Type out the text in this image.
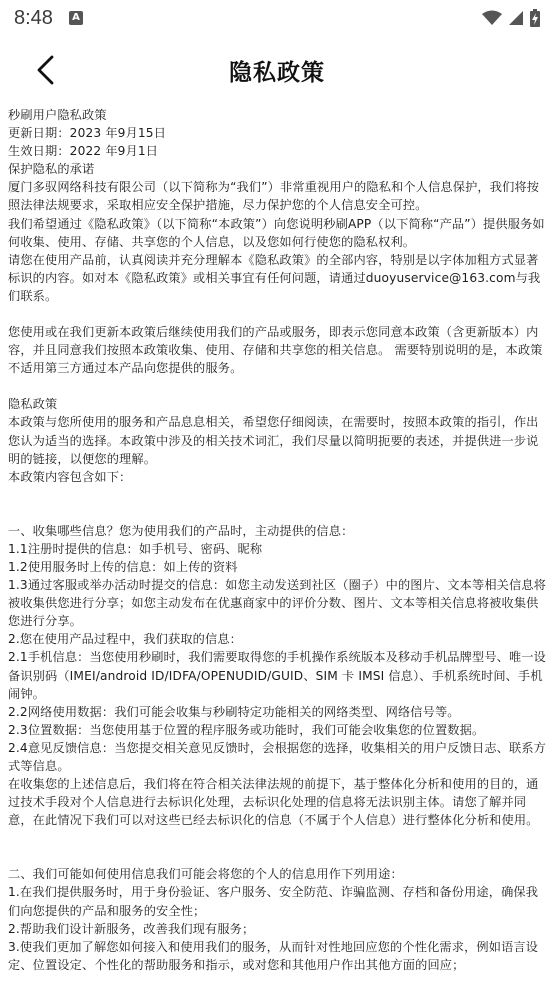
8:48	A
隐私政策

秒刷用户隐私政策

更新日期：2023 年9月15日

生效日期：2022 年9月1日

保护隐私的承诺

厦门多驭网络科技有限公司（以下简称为“我们”）非常重视用户的隐私和个人信息保护，我们将按照法律法规要求，采取相应安全保护措施，尽力保护您的个人信息安全可控。

我们希望通过《隐私政策》（以下简称“本政策”）向您说明秒刷APP（以下简称“产品”）提供服务如何收集、使用、存储、共享您的个人信息，以及您如何行使您的隐私权利。

请您在使用产品前，认真阅读并充分理解本《隐私政策》的全部内容，特别是以字体加粗方式显著标识的内容。如对本《隐私政策》或相关事宜有任何问题，请通过duoyuservice@163.com与我们联系。

您使用或在我们更新本政策后继续使用我们的产品或服务，即表示您同意本政策（含更新版本）内容，并且同意我们按照本政策收集、使用、存储和共享您的相关信息。 需要特别说明的是，本政策不适用第三方通过本产品向您提供的服务。

隐私政策

本政策与您所使用的服务和产品息息相关，希望您仔细阅读，在需要时，按照本政策的指引，作出您认为适当的选择。本政策中涉及的相关技术词汇，我们尽量以简明扼要的表述，并提供进一步说明的链接，以便您的理解。

本政策内容包含如下：

一、收集哪些信息？您为使用我们的产品时，主动提供的信息：

1.1注册时提供的信息：如手机号、密码、昵称

1.2使用服务时上传的信息：如上传的资料

1.3通过客服或举办活动时提交的信息：如您主动发送到社区（圈子）中的图片、文本等相关信息将被收集供您进行分享；如您主动发布在优惠商家中的评价分数、图片、文本等相关信息将被收集供您进行分享。

2.您在使用产品过程中，我们获取的信息：

2.1手机信息：当您使用秒刷时，我们需要取得您的手机操作系统版本及移动手机品牌型号、唯一设备识别码（IMEI/android ID/IDFA/OPENUDID/GUID、SIM 卡 IMSI 信息）、手机系统时间、手机闹钟。

2.2网络使用数据：我们可能会收集与秒刷特定功能相关的网络类型、网络信号等。

2.3位置数据：当您使用基于位置的程序服务或功能时，我们可能会收集您的位置数据。

2.4意见反馈信息：当您提交相关意见反馈时，会根据您的选择，收集相关的用户反馈日志、联系方式等信息。

在收集您的上述信息后，我们将在符合相关法律法规的前提下，基于整体化分析和使用的目的，通过技术手段对个人信息进行去标识化处理，去标识化处理的信息将无法识别主体。请您了解并同意，在此情况下我们可以对这些已经去标识化的信息（不属于个人信息）进行整体化分析和使用。

二、我们可能如何使用信息我们可能会将您的个人的信息用作下列用途：

1.在我们提供服务时，用于身份验证、客户服务、安全防范、诈骗监测、存档和备份用途，确保我们向您提供的产品和服务的安全性；

2.帮助我们设计新服务，改善我们现有服务；

3.使我们更加了解您如何接入和使用我们的服务，从而针对性地回应您的个性化需求，例如语言设定、位置设定、个性化的帮助服务和指示，或对您和其他用户作出其他方面的回应；
